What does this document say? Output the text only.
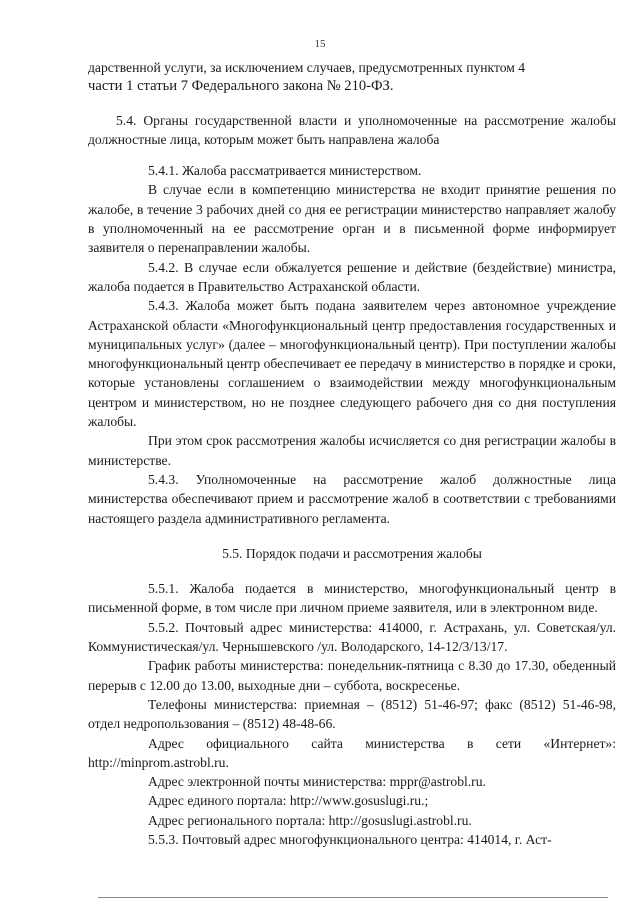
15

дарственной услуги, за исключением случаев, предусмотренных пунктом 4

части 1 статьи 7 Федерального закона № 210-ФЗ.

5.4. Органы государственной власти и уполномоченные на рассмотрение жалобы должностные лица, которым может быть направлена жалоба

5.4.1. Жалоба рассматривается министерством.

В случае если в компетенцию министерства не входит принятие решения по жалобе, в течение 3 рабочих дней со дня ее регистрации министерство направляет жалобу в уполномоченный на ее рассмотрение орган и в письменной форме информирует заявителя о перенаправлении жалобы.

5.4.2. В случае если обжалуется решение и действие (бездействие) министра, жалоба подается в Правительство Астраханской области.

5.4.3. Жалоба может быть подана заявителем через автономное учреждение Астраханской области «Многофункциональный центр предоставления государственных и муниципальных услуг» (далее – многофункциональный центр). При поступлении жалобы многофункциональный центр обеспечивает ее передачу в министерство в порядке и сроки, которые установлены соглашением о взаимодействии между многофункциональным центром и министерством, но не позднее следующего рабочего дня со дня поступления жалобы.

При этом срок рассмотрения жалобы исчисляется со дня регистрации жалобы в министерстве.

5.4.3. Уполномоченные на рассмотрение жалоб должностные лица министерства обеспечивают прием и рассмотрение жалоб в соответствии с требованиями настоящего раздела административного регламента.

5.5. Порядок подачи и рассмотрения жалобы

5.5.1. Жалоба подается в министерство, многофункциональный центр в письменной форме, в том числе при личном приеме заявителя, или в электронном виде.

5.5.2. Почтовый адрес министерства: 414000, г. Астрахань, ул. Советская/ул. Коммунистическая/ул. Чернышевского /ул. Володарского, 14-12/3/13/17.

График работы министерства: понедельник-пятница с 8.30 до 17.30, обеденный перерыв с 12.00 до 13.00, выходные дни – суббота, воскресенье.

Телефоны министерства: приемная – (8512) 51-46-97; факс (8512) 51-46-98, отдел недропользования – (8512) 48-48-66.

Адрес официального сайта министерства в сети «Интернет»: http://minprom.astrobl.ru.

Адрес электронной почты министерства: mppr@astrobl.ru.

Адрес единого портала: http://www.gosuslugi.ru.;

Адрес регионального портала: http://gosuslugi.astrobl.ru.

5.5.3. Почтовый адрес многофункционального центра: 414014, г. Аст-
